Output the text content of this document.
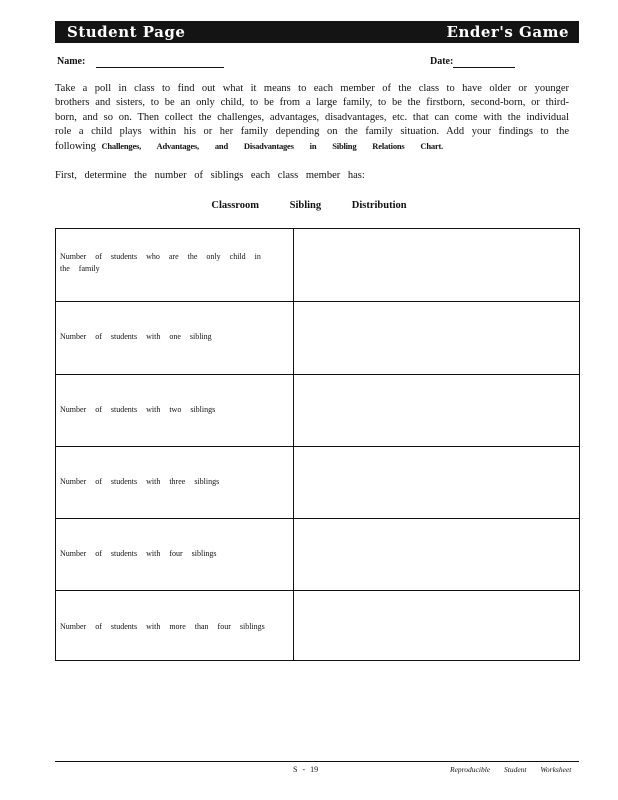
Student Page	Ender's Game
Name:	Date:
Take a poll in class to find out what it means to each member of the class to have older or younger brothers and sisters, to be an only child, to be from a large family, to be the firstborn, second-born, or third-born, and so on. Then collect the challenges, advantages, disadvantages, etc. that can come with the individual role a child plays within his or her family depending on the family situation. Add your findings to the following Challenges, Advantages, and Disadvantages in Sibling Relations Chart.
First, determine the number of siblings each class member has:
Classroom Sibling Distribution
Number of students who are the only child in the family
Number of students with one sibling
Number of students with two siblings
Number of students with three siblings
Number of students with four siblings
Number of students with more than four siblings
S - 19	Reproducible Student Worksheet
